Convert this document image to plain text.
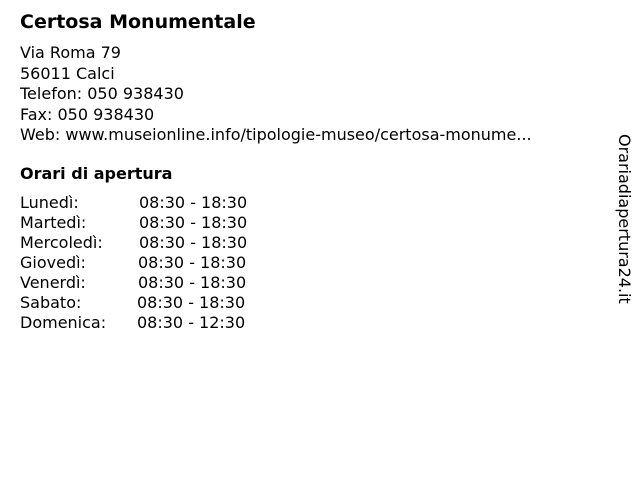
Certosa Monumentale
Via Roma 79
56011 Calci
Telefon: 050 938430
Fax: 050 938430
Web: www.museionline.info/tipologie-museo/certosa-monume...
Orari di apertura
Lunedì:	08:30 - 18:30
Martedì:	08:30 - 18:30
Mercoledì: 08:30 - 18:30
Giovedì:	08:30 - 18:30
Venerdì:	08:30 - 18:30
Sabato:	08:30 - 18:30
Domenica: 08:30 - 12:30
Orariadiapertura24.it
